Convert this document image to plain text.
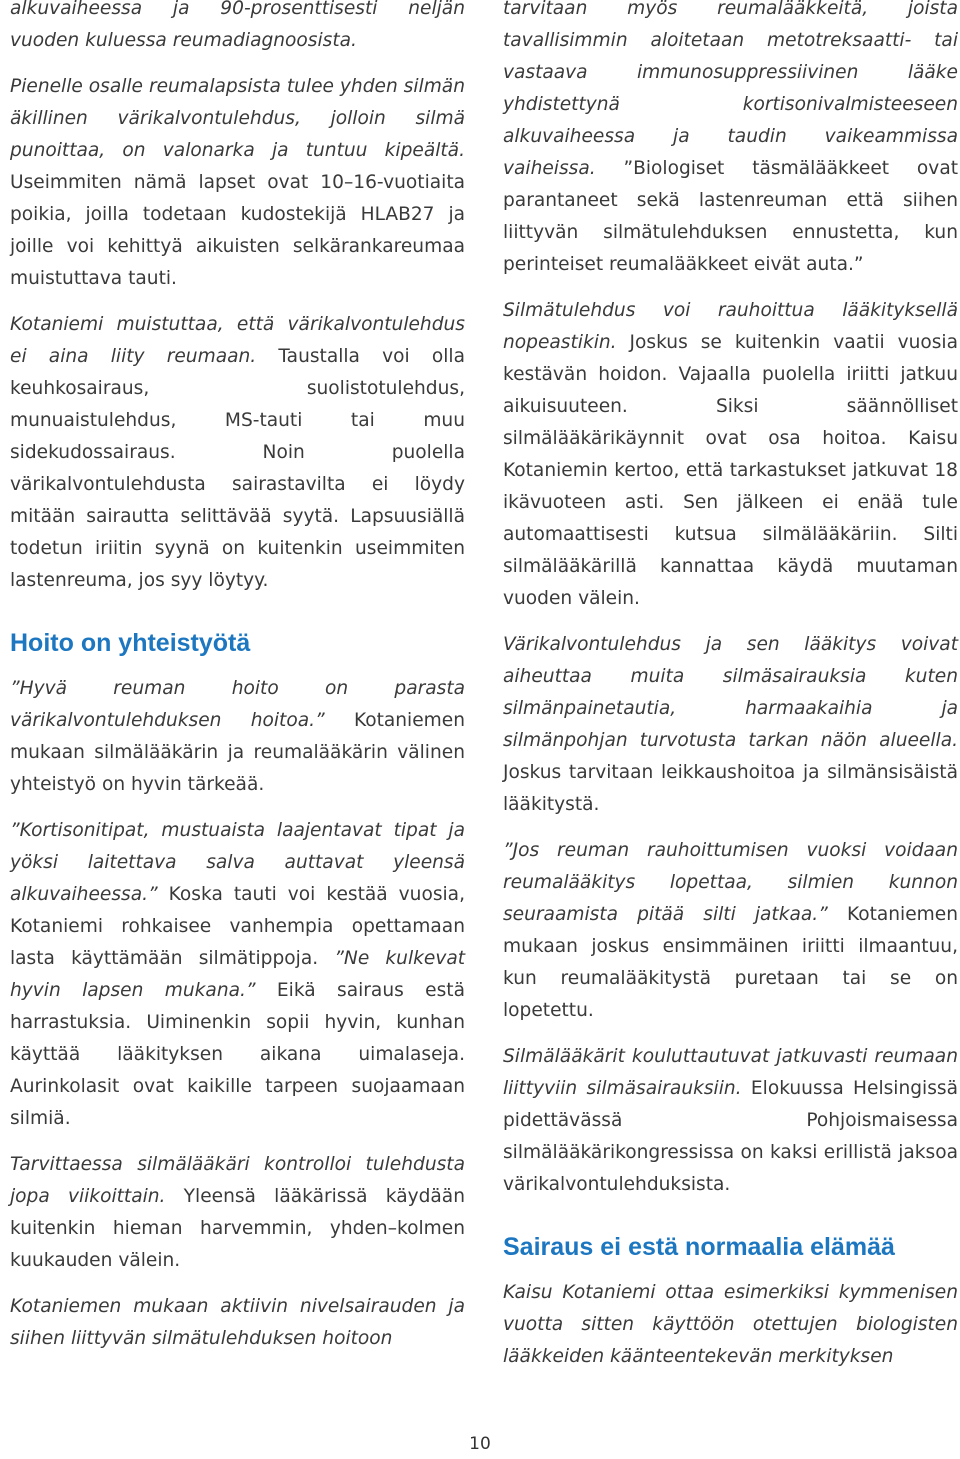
alkuvaiheessa ja 90-prosenttisesti neljän vuoden kuluessa reumadiagnoosista.

Pienelle osalle reumalapsista tulee yhden silmän äkillinen värikalvontulehdus, jolloin silmä punoittaa, on valonarka ja tuntuu kipeältä. Useimmiten nämä lapset ovat 10–16-vuotiaita poikia, joilla todetaan kudostekijä HLAB27 ja joille voi kehittyä aikuisten selkärankareumaa muistuttava tauti.

Kotaniemi muistuttaa, että värikalvontulehdus ei aina liity reumaan. Taustalla voi olla keuhkosairaus, suolistotulehdus, munuaistulehdus, MS-tauti tai muu sidekudossairaus. Noin puolella värikalvontulehdusta sairastavilta ei löydy mitään sairautta selittävää syytä. Lapsuusiällä todetun iriitin syynä on kuitenkin useimmiten lastenreuma, jos syy löytyy.

Hoito on yhteistyötä

”Hyvä reuman hoito on parasta värikalvontulehduksen hoitoa.” Kotaniemen mukaan silmälääkärin ja reumalääkärin välinen yhteistyö on hyvin tärkeää.

”Kortisonitipat, mustuaista laajentavat tipat ja yöksi laitettava salva auttavat yleensä alkuvaiheessa.” Koska tauti voi kestää vuosia, Kotaniemi rohkaisee vanhempia opettamaan lasta käyttämään silmätippoja. ”Ne kulkevat hyvin lapsen mukana.” Eikä sairaus estä harrastuksia. Uiminenkin sopii hyvin, kunhan käyttää lääkityksen aikana uimalaseja. Aurinkolasit ovat kaikille tarpeen suojaamaan silmiä.

Tarvittaessa silmälääkäri kontrolloi tulehdusta jopa viikoittain. Yleensä lääkärissä käydään kuitenkin hieman harvemmin, yhden–kolmen kuukauden välein.

Kotaniemen mukaan aktiivin nivelsairauden ja siihen liittyvän silmätulehduksen hoitoon

tarvitaan myös reumalääkkeitä, joista tavallisimmin aloitetaan metotreksaatti- tai vastaava immunosuppressiivinen lääke yhdistettynä kortisonivalmisteeseen alkuvaiheessa ja taudin vaikeammissa vaiheissa. ”Biologiset täsmälääkkeet ovat parantaneet sekä lastenreuman että siihen liittyvän silmätulehduksen ennustetta, kun perinteiset reumalääkkeet eivät auta.”

Silmätulehdus voi rauhoittua lääkityksellä nopeastikin. Joskus se kuitenkin vaatii vuosia kestävän hoidon. Vajaalla puolella iriitti jatkuu aikuisuuteen. Siksi säännölliset silmälääkärikäynnit ovat osa hoitoa. Kaisu Kotaniemin kertoo, että tarkastukset jatkuvat 18 ikävuoteen asti. Sen jälkeen ei enää tule automaattisesti kutsua silmälääkäriin. Silti silmälääkärillä kannattaa käydä muutaman vuoden välein.

Värikalvontulehdus ja sen lääkitys voivat aiheuttaa muita silmäsairauksia kuten silmänpainetautia, harmaakaihia ja silmänpohjan turvotusta tarkan näön alueella. Joskus tarvitaan leikkaushoitoa ja silmänsisäistä lääkitystä.

”Jos reuman rauhoittumisen vuoksi voidaan reumalääkitys lopettaa, silmien kunnon seuraamista pitää silti jatkaa.” Kotaniemen mukaan joskus ensimmäinen iriitti ilmaantuu, kun reumalääkitystä puretaan tai se on lopetettu.

Silmälääkärit kouluttautuvat jatkuvasti reumaan liittyviin silmäsairauksiin. Elokuussa Helsingissä pidettävässä Pohjoismaisessa silmälääkärikongressissa on kaksi erillistä jaksoa värikalvontulehduksista.

Sairaus ei estä normaalia elämää

Kaisu Kotaniemi ottaa esimerkiksi kymmenisen vuotta sitten käyttöön otettujen biologisten lääkkeiden käänteentekevän merkityksen

10
